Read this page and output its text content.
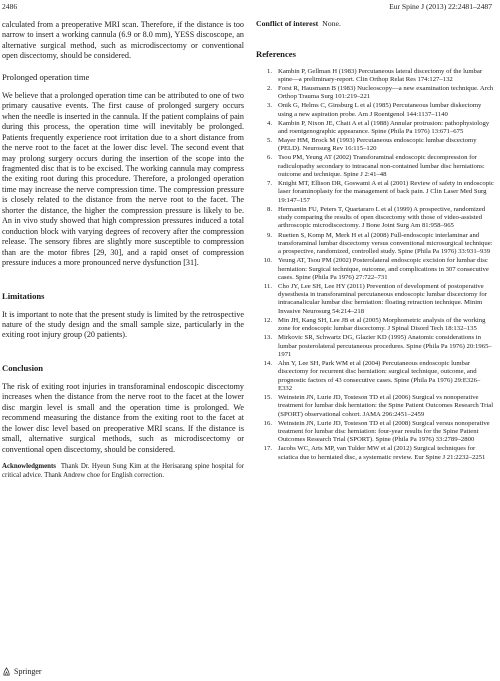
2486	Eur Spine J (2013) 22:2481–2487

calculated from a preoperative MRI scan. Therefore, if the distance is too narrow to insert a working cannula (6.9 or 8.0 mm), YESS discoscope, an alternative surgical method, such as microdiscectomy or conventional open discectomy, should be considered.

Prolonged operation time

We believe that a prolonged operation time can be attributed to one of two primary causative events. The first cause of prolonged surgery occurs when the needle is inserted in the cannula. If the patient complains of pain during this process, the operation time will inevitably be prolonged. Patients frequently experience root irritation due to a short distance from the nerve root to the facet at the lower disc level. The second event that may prolong surgery occurs during the insertion of the scope into the fragmented disc that is to be excised. The working cannula may compress the exiting root during this procedure. Therefore, a prolonged operation time may increase the nerve compression time. The compression pressure is closely related to the distance from the nerve root to the facet. The shorter the distance, the higher the compression pressure is likely to be. An in vivo study showed that high compression pressures induced a total conduction block with varying degrees of recovery after the compression release. The sensory fibres are slightly more susceptible to compression than are the motor fibres [29, 30], and a rapid onset of compression pressure induces a more pronounced nerve dysfunction [31].

Limitations

It is important to note that the present study is limited by the retrospective nature of the study design and the small sample size, particularly in the exiting root injury group (20 patients).

Conclusion

The risk of exiting root injuries in transforaminal endoscopic discectomy increases when the distance from the nerve root to the facet at the lower disc margin level is small and the operation time is prolonged. We recommend measuring the distance from the exiting root to the facet at the lower disc level based on preoperative MRI scans. If the distance is small, alternative surgical methods, such as microdiscectomy or conventional open discectomy, should be considered.

Acknowledgments Thank Dr. Hyeun Sung Kim at the Herisarang spine hospital for critical advice. Thank Andrew choe for English correction.

Conflict of interest None.

References
1. Kambin P, Gellman H (1983) Percutaneous lateral discectomy of the lumbar spine—a preliminary-report. Clin Orthop Relat Res 174:127–132
2. Forst R, Hausmann B (1983) Nucleoscopy—a new examination technique. Arch Orthop Trauma Surg 101:219–221
3. Onik G, Helms C, Ginsburg L et al (1985) Percutaneous lumbar diskectomy using a new aspiration probe. Am J Roentgenol 144:1137–1140
4. Kambin P, Nixon JE, Chait A et al (1988) Annular protrusion: pathophysiology and roentgenographic appearance. Spine (Phila Pa 1976) 13:671–675
5. Mayer HM, Brock M (1993) Percutaneous endoscopic lumbar discectomy (PELD). Neurosurg Rev 16:115–120
6. Tsou PM, Yeung AT (2002) Transforaminal endoscopic decompression for radiculopathy secondary to intracanal non-contained lumbar disc herniations: outcome and technique. Spine J 2:41–48
7. Knight MT, Ellison DR, Goswami A et al (2001) Review of safety in endoscopic laser foraminoplasty for the management of back pain. J Clin Laser Med Surg 19:147–157
8. Hermantin FU, Peters T, Quartararo L et al (1999) A prospective, randomized study comparing the results of open discectomy with those of video-assisted arthroscopic microdiscectomy. J Bone Joint Surg Am 81:958–965
9. Ruetten S, Komp M, Merk H et al (2008) Full-endoscopic interlaminar and transforaminal lumbar discectomy versus conventional microsurgical technique: a prospective, randomized, controlled study. Spine (Phila Pa 1976) 33:931–939
10. Yeung AT, Tsou PM (2002) Posterolateral endoscopic excision for lumbar disc herniation: Surgical technique, outcome, and complications in 307 consecutive cases. Spine (Phila Pa 1976) 27:722–731
11. Cho JY, Lee SH, Lee HY (2011) Prevention of development of postoperative dysesthesia in transforaminal percutaneous endoscopic lumbar discectomy for intracanalicular lumbar disc herniation: floating retraction technique. Minim Invasive Neurosurg 54:214–218
12. Min JH, Kang SH, Lee JB et al (2005) Morphometric analysis of the working zone for endoscopic lumbar discectomy. J Spinal Disord Tech 18:132–135
13. Mirkovic SR, Schwartz DG, Glazier KD (1995) Anatomic considerations in lumbar posterolateral percutaneous procedures. Spine (Phila Pa 1976) 20:1965–1971
14. Ahn Y, Lee SH, Park WM et al (2004) Percutaneous endoscopic lumbar discectomy for recurrent disc herniation: surgical technique, outcome, and prognostic factors of 43 consecutive cases. Spine (Phila Pa 1976) 29:E326–E332
15. Weinstein JN, Lurie JD, Tosteson TD et al (2006) Surgical vs nonoperative treatment for lumbar disk herniation: the Spine Patient Outcomes Research Trial (SPORT) observational cohort. JAMA 296:2451–2459
16. Weinstein JN, Lurie JD, Tosteson TD et al (2008) Surgical versus nonoperative treatment for lumbar disc herniation: four-year results for the Spine Patient Outcomes Research Trial (SPORT). Spine (Phila Pa 1976) 33:2789–2800
17. Jacobs WC, Arts MP, van Tulder MW et al (2012) Surgical techniques for sciatica due to herniated disc, a systematic review. Eur Spine J 21:2232–2251
Springer
